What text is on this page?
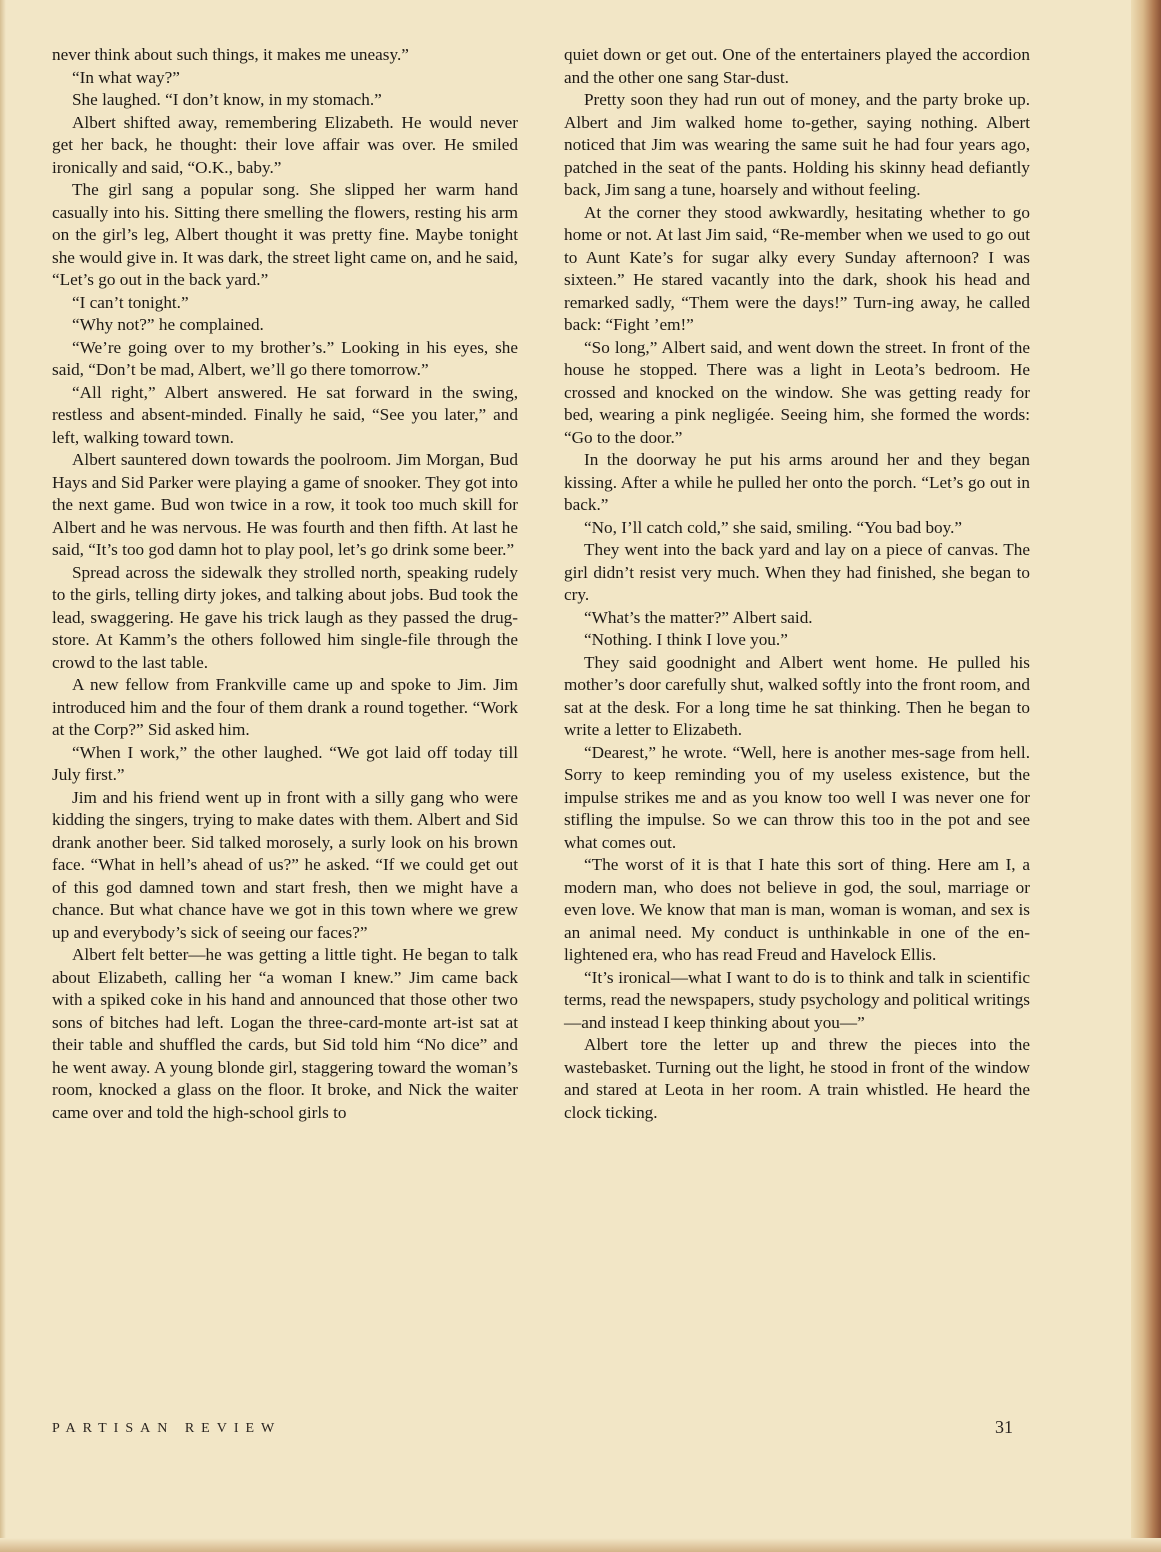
never think about such things, it makes me uneasy.”

“In what way?”

She laughed. “I don’t know, in my stomach.”

Albert shifted away, remembering Elizabeth. He would never get her back, he thought: their love affair was over. He smiled ironically and said, “O.K., baby.”

The girl sang a popular song. She slipped her warm hand casually into his. Sitting there smelling the flowers, resting his arm on the girl’s leg, Albert thought it was pretty fine. Maybe tonight she would give in. It was dark, the street light came on, and he said, “Let’s go out in the back yard.”

“I can’t tonight.”

“Why not?” he complained.

“We’re going over to my brother’s.” Looking in his eyes, she said, “Don’t be mad, Albert, we’ll go there tomorrow.”

“All right,” Albert answered. He sat forward in the swing, restless and absent-minded. Finally he said, “See you later,” and left, walking toward town.

Albert sauntered down towards the poolroom. Jim Morgan, Bud Hays and Sid Parker were playing a game of snooker. They got into the next game. Bud won twice in a row, it took too much skill for Albert and he was nervous. He was fourth and then fifth. At last he said, “It’s too god damn hot to play pool, let’s go drink some beer.”

Spread across the sidewalk they strolled north, speaking rudely to the girls, telling dirty jokes, and talking about jobs. Bud took the lead, swaggering. He gave his trick laugh as they passed the drug-store. At Kamm’s the others followed him single-file through the crowd to the last table.

A new fellow from Frankville came up and spoke to Jim. Jim introduced him and the four of them drank a round together. “Work at the Corp?” Sid asked him.

“When I work,” the other laughed. “We got laid off today till July first.”

Jim and his friend went up in front with a silly gang who were kidding the singers, trying to make dates with them. Albert and Sid drank another beer. Sid talked morosely, a surly look on his brown face. “What in hell’s ahead of us?” he asked. “If we could get out of this god damned town and start fresh, then we might have a chance. But what chance have we got in this town where we grew up and everybody’s sick of seeing our faces?”

Albert felt better—he was getting a little tight. He began to talk about Elizabeth, calling her “a woman I knew.” Jim came back with a spiked coke in his hand and announced that those other two sons of bitches had left. Logan the three-card-monte art-ist sat at their table and shuffled the cards, but Sid told him “No dice” and he went away. A young blonde girl, staggering toward the woman’s room, knocked a glass on the floor. It broke, and Nick the waiter came over and told the high-school girls to

quiet down or get out. One of the entertainers played the accordion and the other one sang Star-dust.

Pretty soon they had run out of money, and the party broke up. Albert and Jim walked home to-gether, saying nothing. Albert noticed that Jim was wearing the same suit he had four years ago, patched in the seat of the pants. Holding his skinny head defiantly back, Jim sang a tune, hoarsely and without feeling.

At the corner they stood awkwardly, hesitating whether to go home or not. At last Jim said, “Re-member when we used to go out to Aunt Kate’s for sugar alky every Sunday afternoon? I was sixteen.” He stared vacantly into the dark, shook his head and remarked sadly, “Them were the days!” Turn-ing away, he called back: “Fight ’em!”

“So long,” Albert said, and went down the street. In front of the house he stopped. There was a light in Leota’s bedroom. He crossed and knocked on the window. She was getting ready for bed, wearing a pink negligée. Seeing him, she formed the words: “Go to the door.”

In the doorway he put his arms around her and they began kissing. After a while he pulled her onto the porch. “Let’s go out in back.”

“No, I’ll catch cold,” she said, smiling. “You bad boy.”

They went into the back yard and lay on a piece of canvas. The girl didn’t resist very much. When they had finished, she began to cry.

“What’s the matter?” Albert said.

“Nothing. I think I love you.”

They said goodnight and Albert went home. He pulled his mother’s door carefully shut, walked softly into the front room, and sat at the desk. For a long time he sat thinking. Then he began to write a letter to Elizabeth.

“Dearest,” he wrote. “Well, here is another mes-sage from hell. Sorry to keep reminding you of my useless existence, but the impulse strikes me and as you know too well I was never one for stifling the impulse. So we can throw this too in the pot and see what comes out.

“The worst of it is that I hate this sort of thing. Here am I, a modern man, who does not believe in god, the soul, marriage or even love. We know that man is man, woman is woman, and sex is an animal need. My conduct is unthinkable in one of the en-lightened era, who has read Freud and Havelock Ellis.

“It’s ironical—what I want to do is to think and talk in scientific terms, read the newspapers, study psychology and political writings—and instead I keep thinking about you—”

Albert tore the letter up and threw the pieces into the wastebasket. Turning out the light, he stood in front of the window and stared at Leota in her room. A train whistled. He heard the clock ticking.

PARTISAN REVIEW	31
